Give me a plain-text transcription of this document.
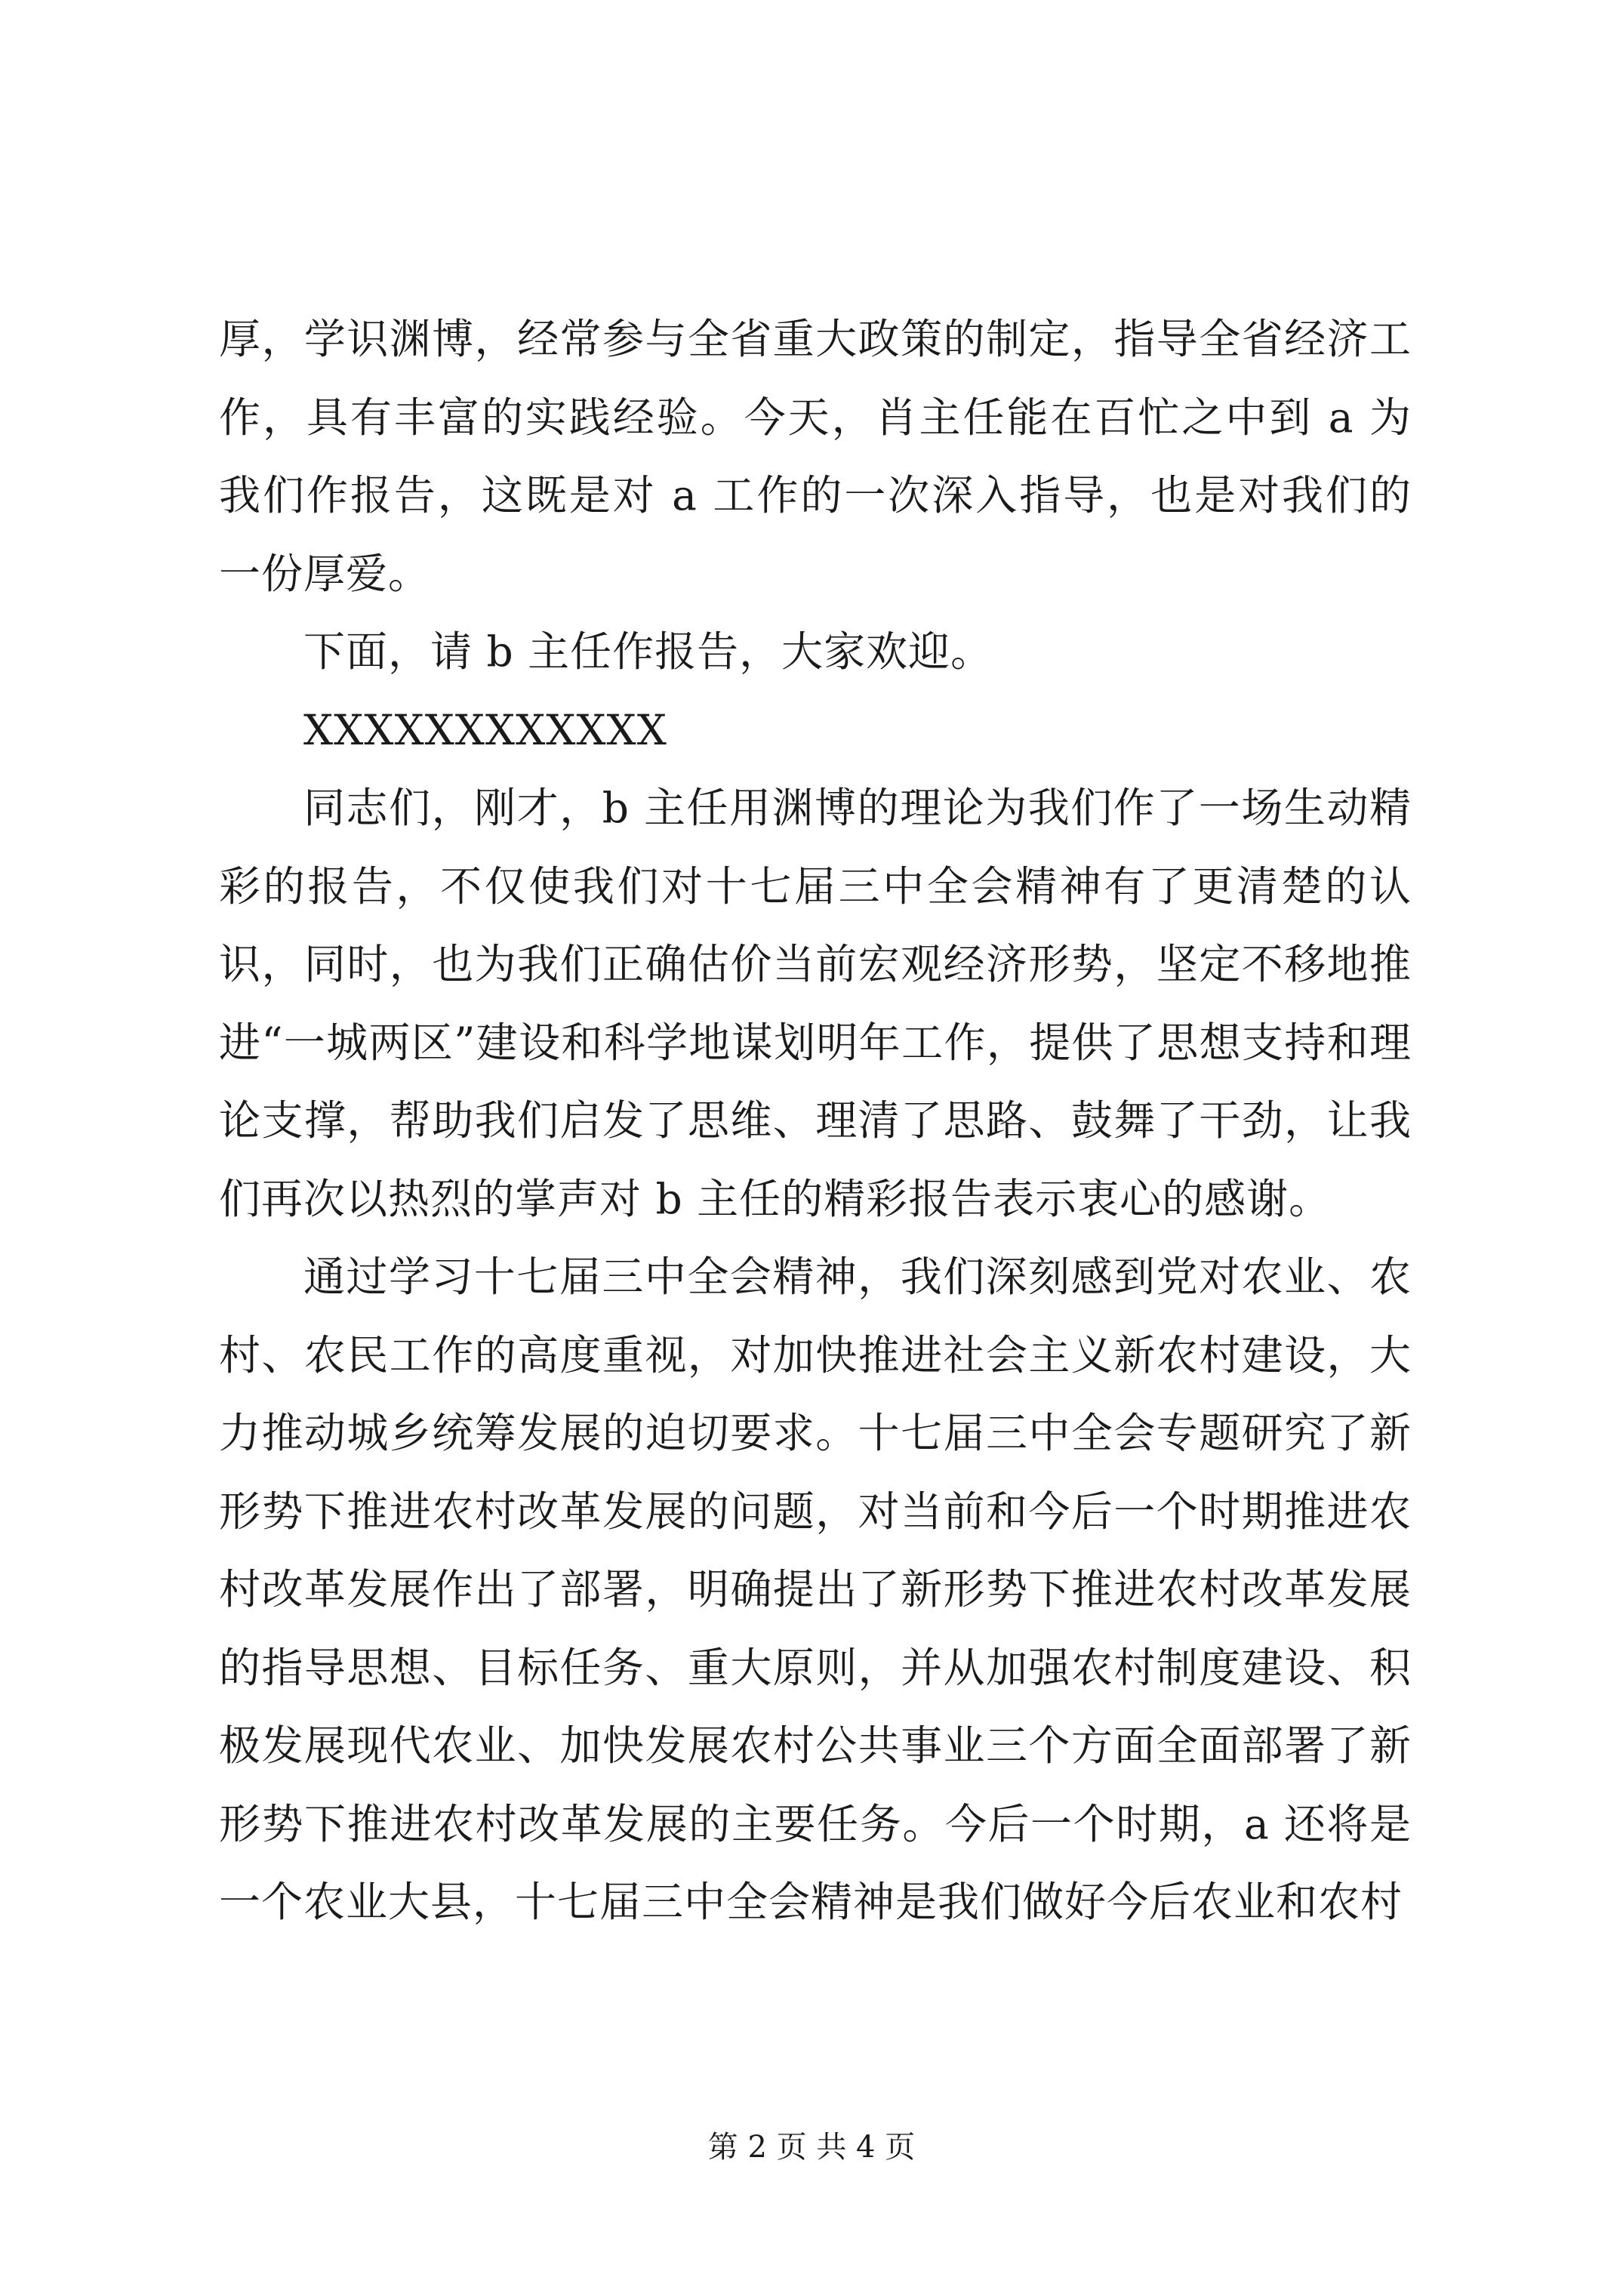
厚，学识渊博，经常参与全省重大政策的制定，指导全省经济工作，具有丰富的实践经验。今天，肖主任能在百忙之中到 a 为我们作报告，这既是对 a 工作的一次深入指导，也是对我们的一份厚爱。

下面，请 b 主任作报告，大家欢迎。

XXXXXXXXXXXX

同志们，刚才，b 主任用渊博的理论为我们作了一场生动精彩的报告，不仅使我们对十七届三中全会精神有了更清楚的认识，同时，也为我们正确估价当前宏观经济形势，坚定不移地推进“一城两区”建设和科学地谋划明年工作，提供了思想支持和理论支撑，帮助我们启发了思维、理清了思路、鼓舞了干劲，让我们再次以热烈的掌声对 b 主任的精彩报告表示衷心的感谢。

通过学习十七届三中全会精神，我们深刻感到党对农业、农村、农民工作的高度重视，对加快推进社会主义新农村建设，大力推动城乡统筹发展的迫切要求。十七届三中全会专题研究了新形势下推进农村改革发展的问题，对当前和今后一个时期推进农村改革发展作出了部署，明确提出了新形势下推进农村改革发展的指导思想、目标任务、重大原则，并从加强农村制度建设、积极发展现代农业、加快发展农村公共事业三个方面全面部署了新形势下推进农村改革发展的主要任务。今后一个时期，a 还将是一个农业大县，十七届三中全会精神是我们做好今后农业和农村

第 2 页 共 4 页
